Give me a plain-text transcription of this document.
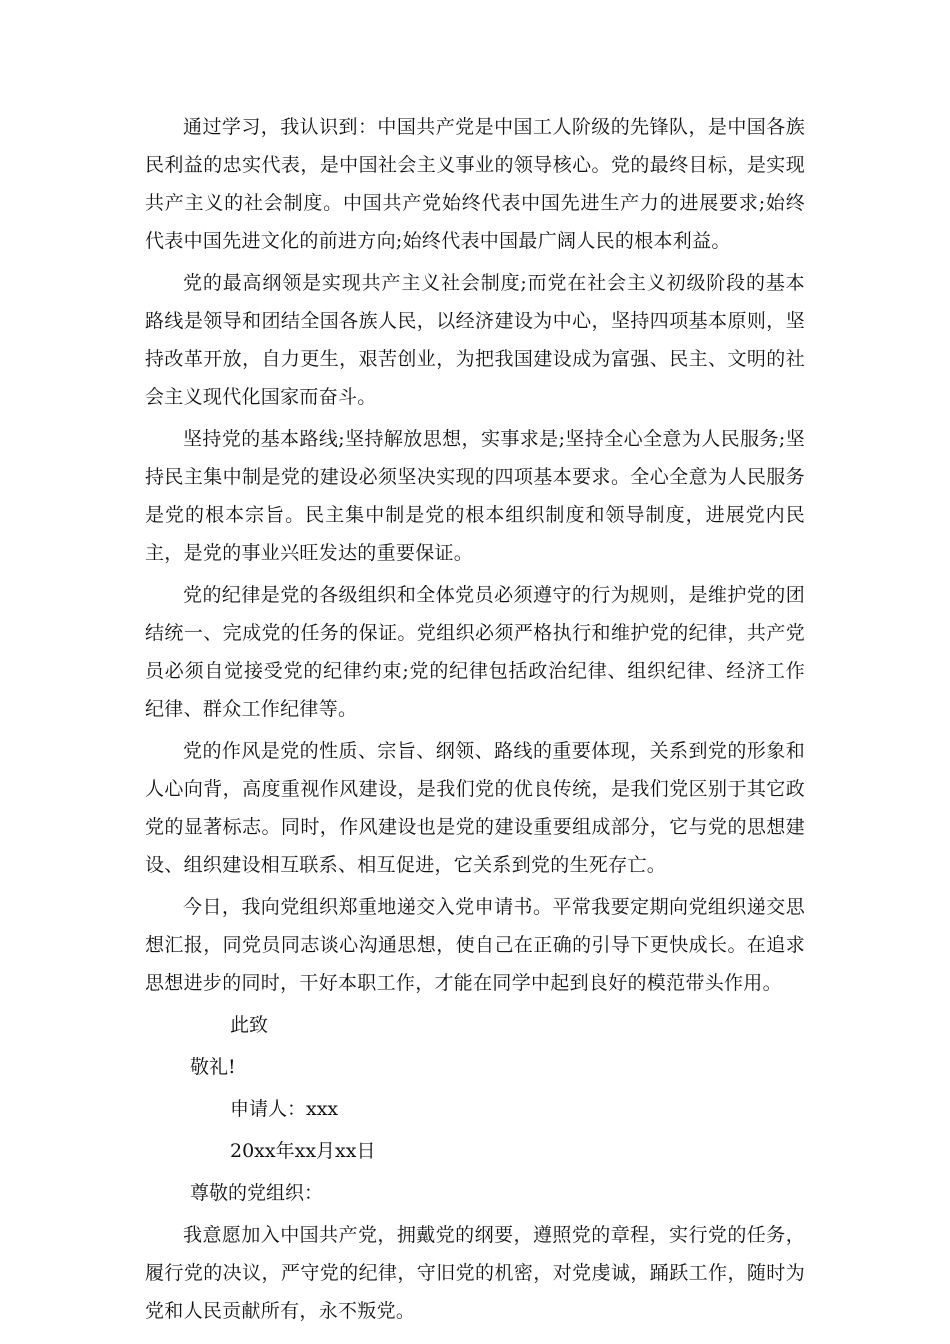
通过学习，我认识到：中国共产党是中国工人阶级的先锋队，是中国各族民利益的忠实代表，是中国社会主义事业的领导核心。党的最终目标，是实现共产主义的社会制度。中国共产党始终代表中国先进生产力的进展要求;始终代表中国先进文化的前进方向;始终代表中国最广阔人民的根本利益。

党的最高纲领是实现共产主义社会制度;而党在社会主义初级阶段的基本路线是领导和团结全国各族人民，以经济建设为中心，坚持四项基本原则，坚持改革开放，自力更生，艰苦创业，为把我国建设成为富强、民主、文明的社会主义现代化国家而奋斗。

坚持党的基本路线;坚持解放思想，实事求是;坚持全心全意为人民服务;坚持民主集中制是党的建设必须坚决实现的四项基本要求。全心全意为人民服务是党的根本宗旨。民主集中制是党的根本组织制度和领导制度，进展党内民主，是党的事业兴旺发达的重要保证。

党的纪律是党的各级组织和全体党员必须遵守的行为规则，是维护党的团结统一、完成党的任务的保证。党组织必须严格执行和维护党的纪律，共产党员必须自觉接受党的纪律约束;党的纪律包括政治纪律、组织纪律、经济工作纪律、群众工作纪律等。

党的作风是党的性质、宗旨、纲领、路线的重要体现，关系到党的形象和人心向背，高度重视作风建设，是我们党的优良传统，是我们党区别于其它政党的显著标志。同时，作风建设也是党的建设重要组成部分，它与党的思想建设、组织建设相互联系、相互促进，它关系到党的生死存亡。

今日，我向党组织郑重地递交入党申请书。平常我要定期向党组织递交思想汇报，同党员同志谈心沟通思想，使自己在正确的引导下更快成长。在追求思想进步的同时，干好本职工作，才能在同学中起到良好的模范带头作用。

此致
敬礼!
申请人：xxx
20xx年xx月xx日
尊敬的党组织：

我意愿加入中国共产党，拥戴党的纲要，遵照党的章程，实行党的任务，履行党的决议，严守党的纪律，守旧党的机密，对党虔诚，踊跃工作，随时为党和人民贡献所有，永不叛党。
